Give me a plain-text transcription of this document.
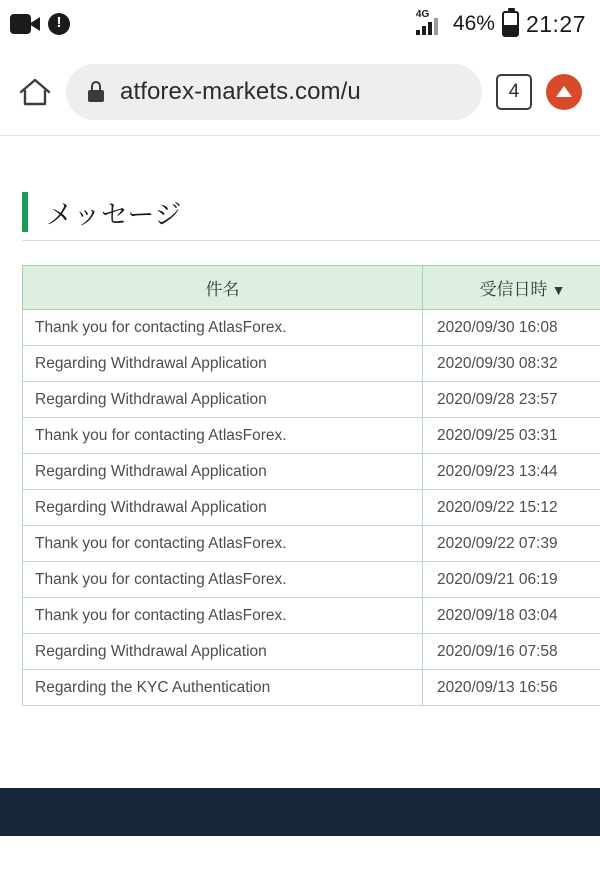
!
4G 46% 21:27
atforex-markets.com/u	4
メッセージ
件名	受信日時 ▼
Thank you for contacting AtlasForex.	2020/09/30 16:08
Regarding Withdrawal Application	2020/09/30 08:32
Regarding Withdrawal Application	2020/09/28 23:57
Thank you for contacting AtlasForex.	2020/09/25 03:31
Regarding Withdrawal Application	2020/09/23 13:44
Regarding Withdrawal Application	2020/09/22 15:12
Thank you for contacting AtlasForex.	2020/09/22 07:39
Thank you for contacting AtlasForex.	2020/09/21 06:19
Thank you for contacting AtlasForex.	2020/09/18 03:04
Regarding Withdrawal Application	2020/09/16 07:58
Regarding the KYC Authentication	2020/09/13 16:56
